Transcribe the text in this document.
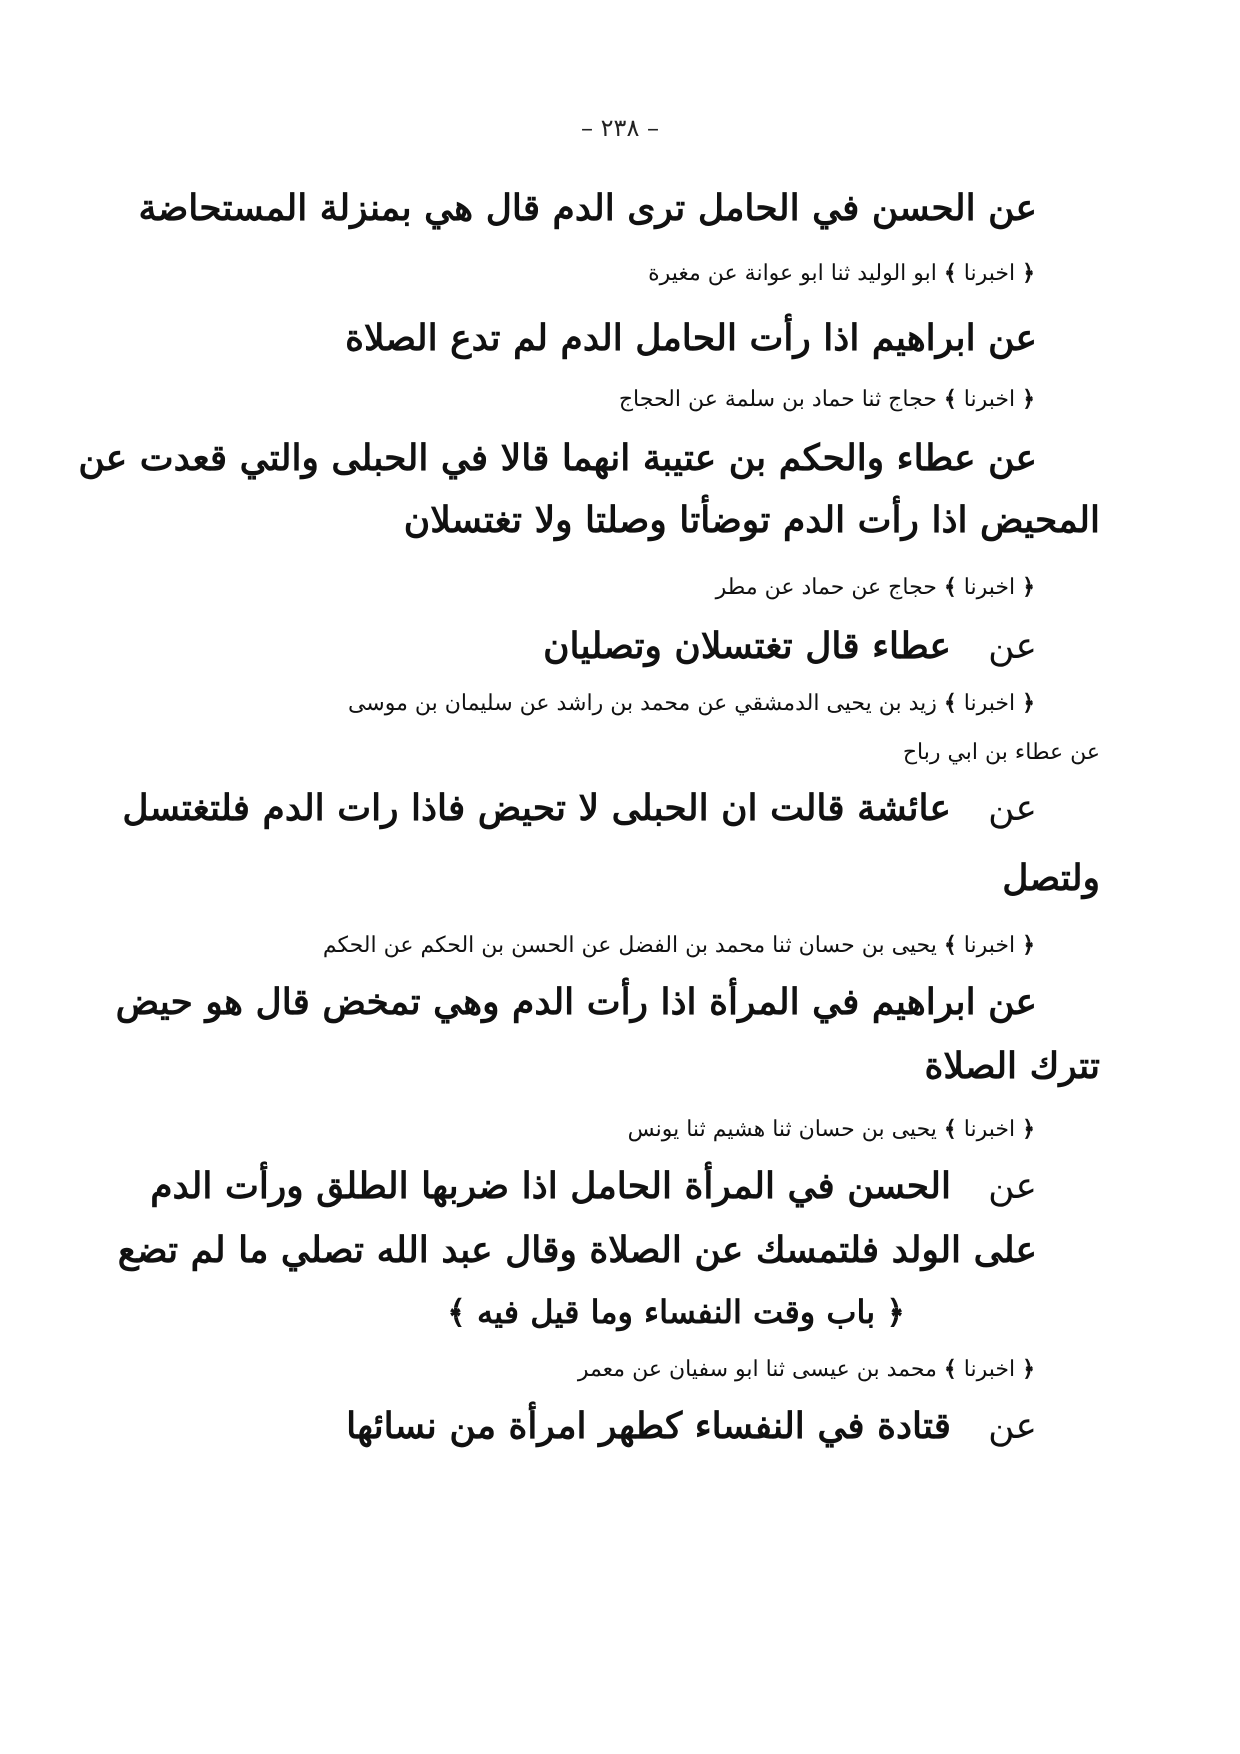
– ٢٣٨ –
عن الحسن في الحامل ترى الدم قال هي بمنزلة المستحاضة
﴿ اخبرنا ﴾ ابو الوليد ثنا ابو عوانة عن مغيرة
عن ابراهيم اذا رأت الحامل الدم لم تدع الصلاة
﴿ اخبرنا ﴾ حجاج ثنا حماد بن سلمة عن الحجاج
عن عطاء والحكم بن عتيبة انهما قالا في الحبلى والتي قعدت عن
المحيض اذا رأت الدم توضأتا وصلتا ولا تغتسلان
﴿ اخبرنا ﴾ حجاج عن حماد عن مطر
عن  عطاء قال تغتسلان وتصليان
﴿ اخبرنا ﴾ زيد بن يحيى الدمشقي عن محمد بن راشد عن سليمان بن موسى
عن عطاء بن ابي رباح
عن  عائشة قالت ان الحبلى لا تحيض فاذا رات الدم فلتغتسل
ولتصل
﴿ اخبرنا ﴾ يحيى بن حسان ثنا محمد بن الفضل عن الحسن بن الحكم عن الحكم
عن ابراهيم في المرأة اذا رأت الدم وهي تمخض قال هو حيض
تترك الصلاة
﴿ اخبرنا ﴾ يحيى بن حسان ثنا هشيم ثنا يونس
عن  الحسن في المرأة الحامل اذا ضربها الطلق ورأت الدم
على الولد فلتمسك عن الصلاة وقال عبد الله تصلي ما لم تضع
﴿ باب وقت النفساء وما قيل فيه ﴾
﴿ اخبرنا ﴾ محمد بن عيسى ثنا ابو سفيان عن معمر
عن  قتادة في النفساء كطهر امرأة من نسائها
